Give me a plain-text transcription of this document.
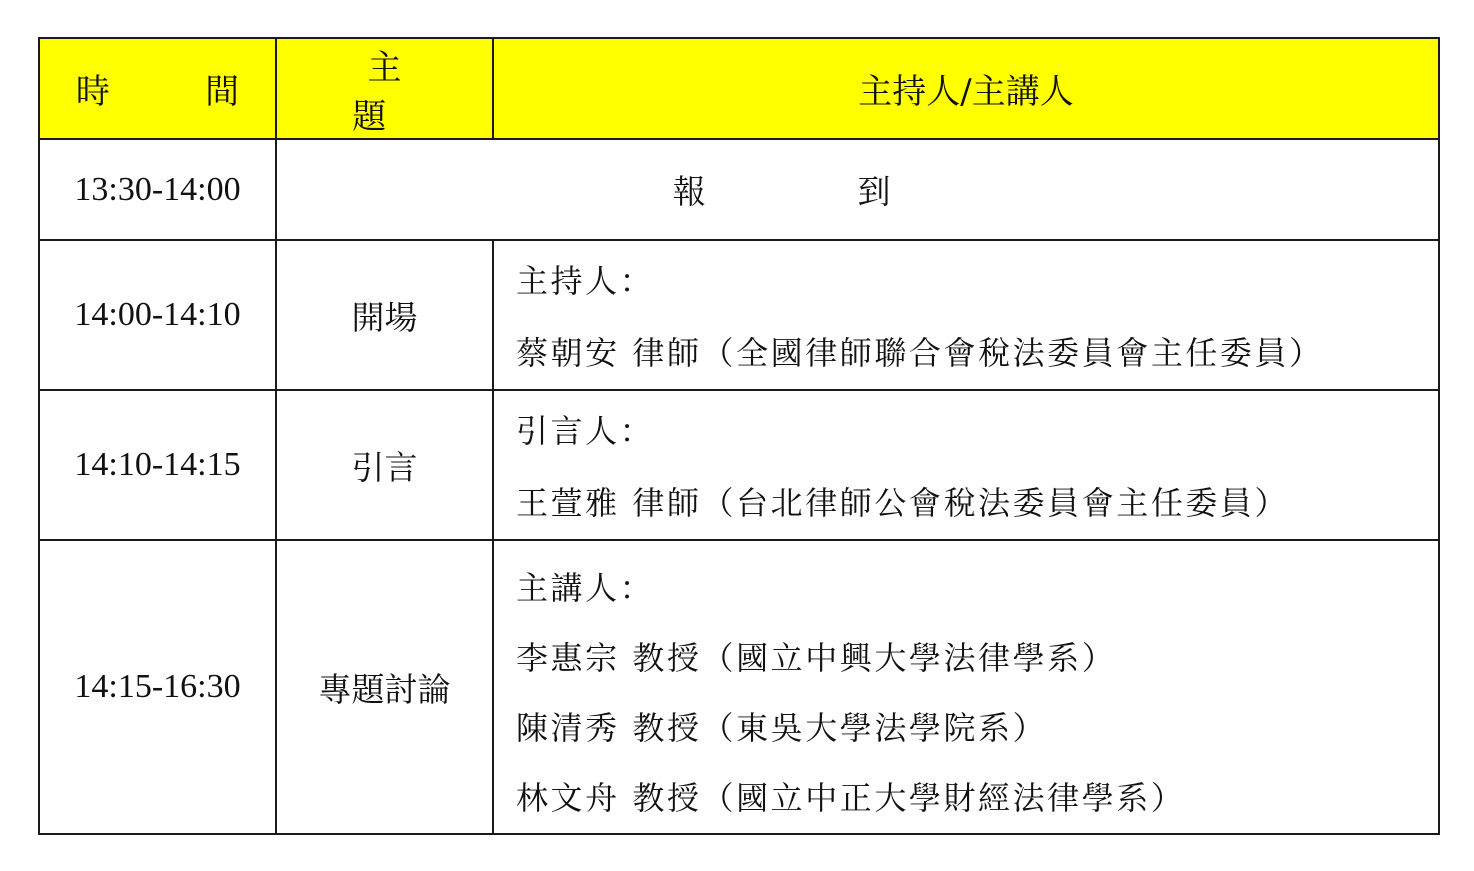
時　間	主　題	主持人/主講人
13:30-14:00	報到	
14:00-14:10	開場	主持人：
蔡朝安 律師（全國律師聯合會稅法委員會主任委員）

14:10-14:15	引言	引言人：
王萱雅 律師（台北律師公會稅法委員會主任委員）

14:15-16:30	專題討論	主講人：
李惠宗 教授（國立中興大學法律學系）
陳清秀 教授（東吳大學法學院系）
林文舟 教授（國立中正大學財經法律學系）
